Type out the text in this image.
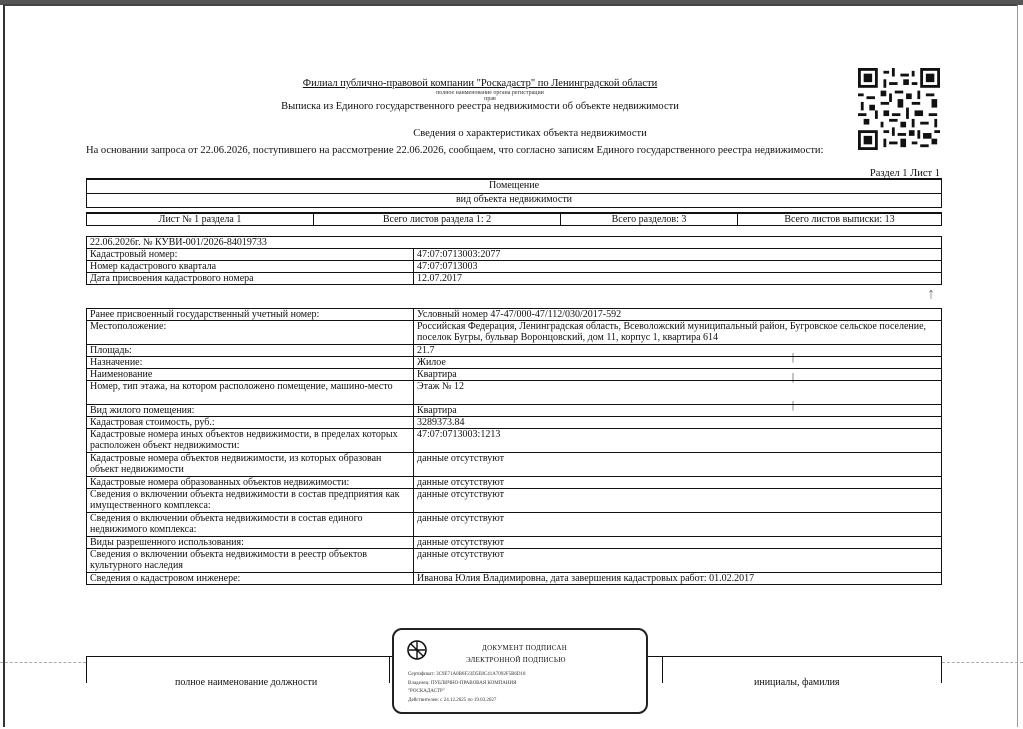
Филиал публично-правовой компании "Роскадастр" по Ленинградской области
полное наименование органа регистрации прав
Выписка из Единого государственного реестра недвижимости об объекте недвижимости
Сведения о характеристиках объекта недвижимости
На основании запроса от 22.06.2026, поступившего на рассмотрение 22.06.2026, сообщаем, что согласно записям Единого государственного реестра недвижимости:
Раздел 1 Лист 1
Помещение
вид объекта недвижимости
Лист № 1 раздела 1	Всего листов раздела 1: 2	Всего разделов: 3	Всего листов выписки: 13
22.06.2026г. № КУВИ-001/2026-84019733	
Кадастровый номер:	47:07:0713003:2077
Номер кадастрового квартала	47:07:0713003
Дата присвоения кадастрового номера	12.07.2017
ᛏ
Ранее присвоенный государственный учетный номер:	Условный номер 47-47/000-47/112/030/2017-592
Местоположение:	Российская Федерация, Ленинградская область, Всеволожский муниципальный район, Бугровское сельское поселение, поселок Бугры, бульвар Воронцовский, дом 11, корпус 1, квартира 614
Площадь:	21.7
Назначение:	Жилое
Наименование	Квартира
Номер, тип этажа, на котором расположено помещение, машино-место	Этаж № 12
Вид жилого помещения:	Квартира
Кадастровая стоимость, руб.:	3289373.84
Кадастровые номера иных объектов недвижимости, в пределах которых расположен объект недвижимости:	47:07:0713003:1213
Кадастровые номера объектов недвижимости, из которых образован объект недвижимости	данные отсутствуют
Кадастровые номера образованных объектов недвижимости:	данные отсутствуют
Сведения о включении объекта недвижимости в состав предприятия как имущественного комплекса:	данные отсутствуют
Сведения о включении объекта недвижимости в состав единого недвижимого комплекса:	данные отсутствуют
Виды разрешенного использования:	данные отсутствуют
Сведения о включении объекта недвижимости в реестр объектов культурного наследия	данные отсутствуют
Сведения о кадастровом инженере:	Иванова Юлия Владимировна, дата завершения кадастровых работ: 01.02.2017
|
|
|

полное наименование должности	инициалы, фамилия
ДОКУМЕНТ ПОДПИСАН
ЭЛЕКТРОННОЙ ПОДПИСЬЮ
Сертификат: 3C9E71A0B6F23D5E8C41A7092F5B6D18
Владелец: ПУБЛИЧНО-ПРАВОВАЯ КОМПАНИЯ
"РОСКАДАСТР"
Действителен: с 24.12.2025 по 19.03.2027
